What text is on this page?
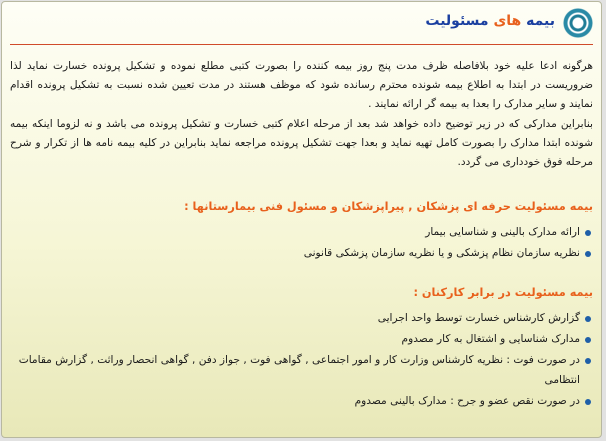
بیمه های مسئولیت

هرگونه ادعا علیه خود بلافاصله ظرف مدت پنج روز بیمه کننده را بصورت کتبی مطلع نموده و تشکیل پرونده خسارت نماید لذا ضروریست در ابتدا به اطلاع بیمه شونده محترم رسانده شود که موظف هستند در مدت تعیین شده نسبت به تشکیل پرونده اقدام نمایند و سایر مدارک را بعدا به بیمه گر ارائه نمایند .

بنابراین مدارکی که در زیر توضیح داده خواهد شد بعد از مرحله اعلام کتبی خسارت و تشکیل پرونده می باشد و نه لزوما اینکه بیمه شونده ابتدا مدارک را بصورت کامل تهیه نماید و بعدا جهت تشکیل پرونده مراجعه نماید بنابراین در کلیه بیمه نامه ها از تکرار و شرح مرحله فوق خودداری می گردد.

بیمه مسئولیت حرفه ای پزشکان , پیراپزشکان و مسئول فنی بیمارستانها :
ارائه مدارک بالینی و شناسایی بیمار
نظریه سازمان نظام پزشکی و یا نظریه سازمان پزشکی قانونی
بیمه مسئولیت در برابر کارکنان :
گزارش کارشناس خسارت توسط واحد اجرایی
مدارک شناسایی و اشتغال به کار مصدوم
در صورت فوت : نظریه کارشناس وزارت کار و امور اجتماعی , گواهی فوت , جواز دفن , گواهی انحصار وراثت , گزارش مقامات انتظامی
در صورت نقص عضو و جرح : مدارک بالینی مصدوم
